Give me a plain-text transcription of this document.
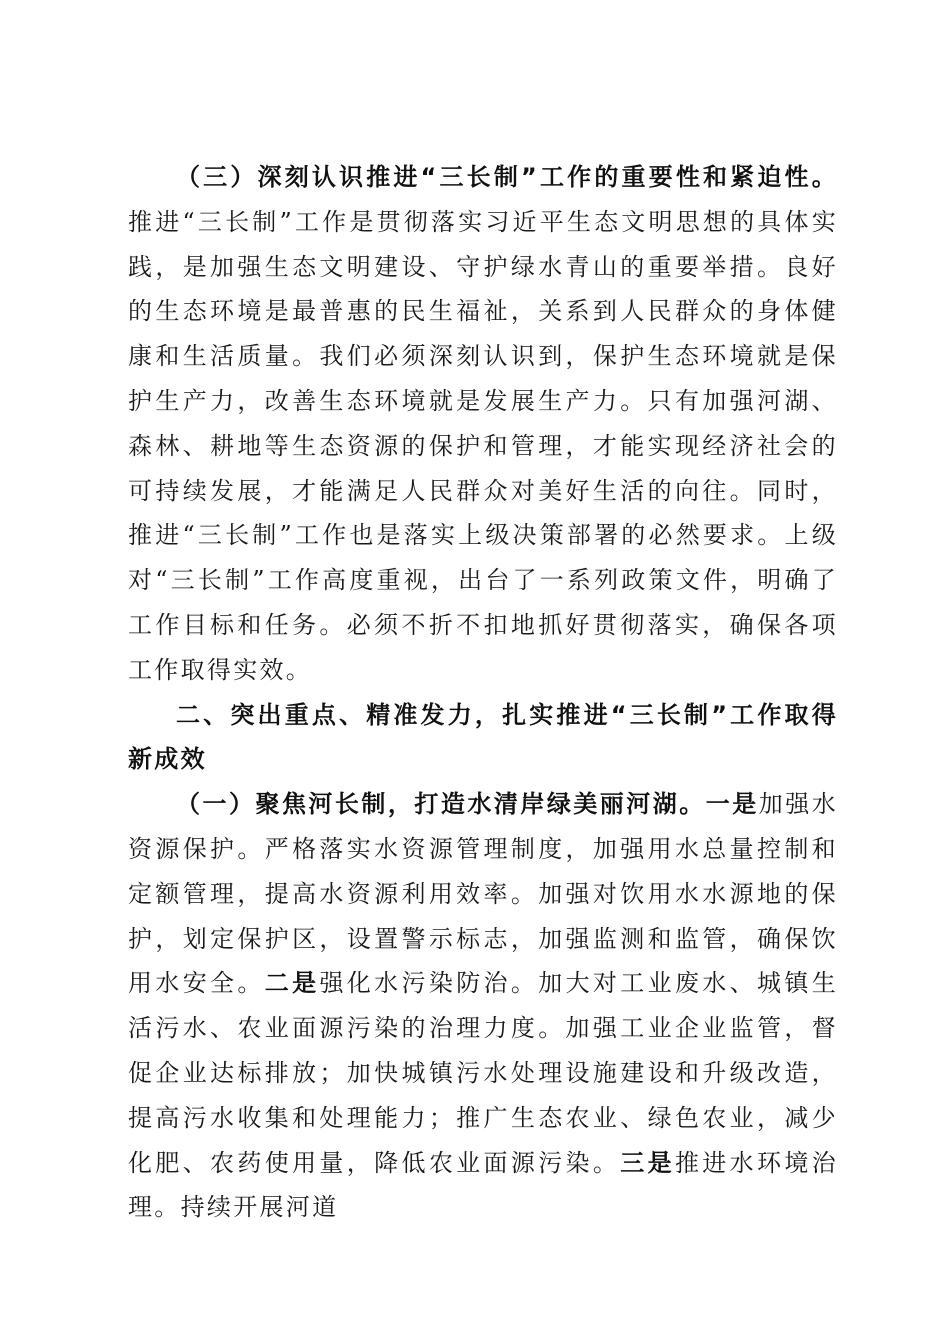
（三）深刻认识推进“三长制”工作的重要性和紧迫性。推进“三长制”工作是贯彻落实习近平生态文明思想的具体实践，是加强生态文明建设、守护绿水青山的重要举措。良好的生态环境是最普惠的民生福祉，关系到人民群众的身体健康和生活质量。我们必须深刻认识到，保护生态环境就是保护生产力，改善生态环境就是发展生产力。只有加强河湖、森林、耕地等生态资源的保护和管理，才能实现经济社会的可持续发展，才能满足人民群众对美好生活的向往。同时，推进“三长制”工作也是落实上级决策部署的必然要求。上级对“三长制”工作高度重视，出台了一系列政策文件，明确了工作目标和任务。必须不折不扣地抓好贯彻落实，确保各项工作取得实效。

二、突出重点、精准发力，扎实推进“三长制”工作取得新成效

（一）聚焦河长制，打造水清岸绿美丽河湖。一是加强水资源保护。严格落实水资源管理制度，加强用水总量控制和定额管理，提高水资源利用效率。加强对饮用水水源地的保护，划定保护区，设置警示标志，加强监测和监管，确保饮用水安全。二是强化水污染防治。加大对工业废水、城镇生活污水、农业面源污染的治理力度。加强工业企业监管，督促企业达标排放；加快城镇污水处理设施建设和升级改造，提高污水收集和处理能力；推广生态农业、绿色农业，减少化肥、农药使用量，降低农业面源污染。三是推进水环境治理。持续开展河道
